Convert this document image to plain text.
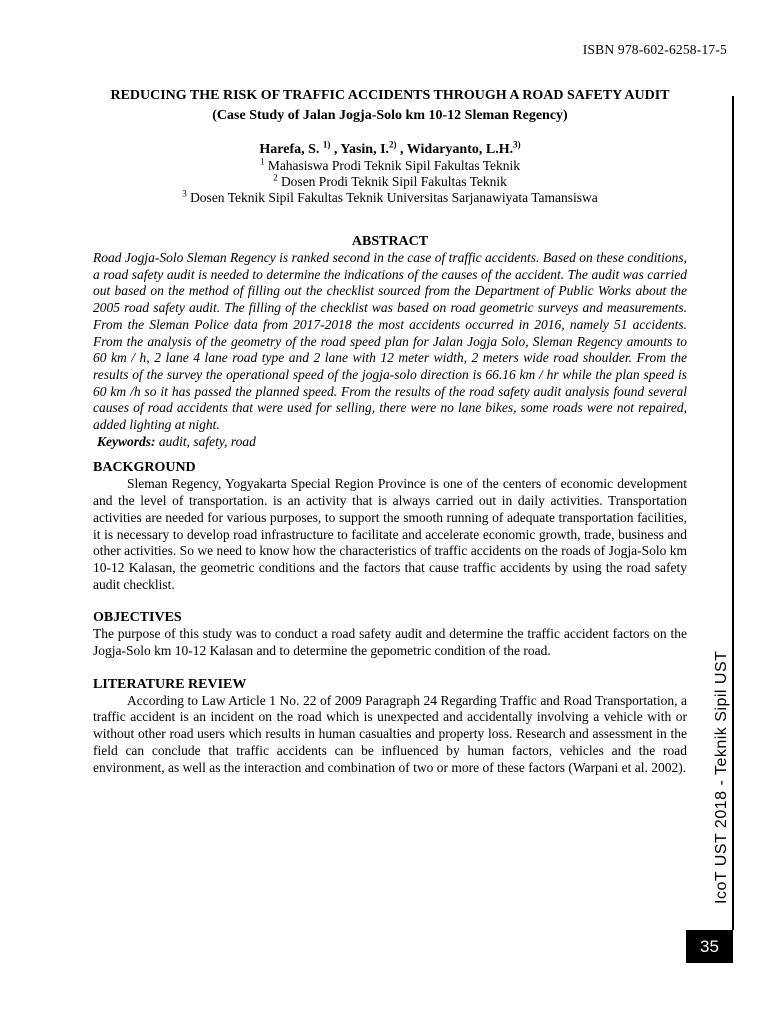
ISBN 978-602-6258-17-5
IcoT UST 2018 - Teknik Sipil UST
35
REDUCING THE RISK OF TRAFFIC ACCIDENTS THROUGH A ROAD SAFETY AUDIT
(Case Study of Jalan Jogja-Solo km 10-12 Sleman Regency)
Harefa, S. $^{1)}$ , Yasin, I.$^{2)}$ , Widaryanto, L.H.$^{3)}$
$^1$ Mahasiswa Prodi Teknik Sipil Fakultas Teknik
$^2$ Dosen Prodi Teknik Sipil Fakultas Teknik
$^3$ Dosen Teknik Sipil Fakultas Teknik Universitas Sarjanawiyata Tamansiswa
ABSTRACT

Road Jogja-Solo Sleman Regency is ranked second in the case of traffic accidents. Based on these conditions, a road safety audit is needed to determine the indications of the causes of the accident. The audit was carried out based on the method of filling out the checklist sourced from the Department of Public Works about the 2005 road safety audit. The filling of the checklist was based on road geometric surveys and measurements. From the Sleman Police data from 2017-2018 the most accidents occurred in 2016, namely 51 accidents. From the analysis of the geometry of the road speed plan for Jalan Jogja Solo, Sleman Regency amounts to 60 km / h, 2 lane 4 lane road type and 2 lane with 12 meter width, 2 meters wide road shoulder. From the results of the survey the operational speed of the jogja-solo direction is 66.16 km / hr while the plan speed is 60 km /h so it has passed the planned speed. From the results of the road safety audit analysis found several causes of road accidents that were used for selling, there were no lane bikes, some roads were not repaired, added lighting at night.

Keywords: audit, safety, road

BACKGROUND

Sleman Regency, Yogyakarta Special Region Province is one of the centers of economic development and the level of transportation. is an activity that is always carried out in daily activities. Transportation activities are needed for various purposes, to support the smooth running of adequate transportation facilities, it is necessary to develop road infrastructure to facilitate and accelerate economic growth, trade, business and other activities. So we need to know how the characteristics of traffic accidents on the roads of Jogja-Solo km 10-12 Kalasan, the geometric conditions and the factors that cause traffic accidents by using the road safety audit checklist.

OBJECTIVES

The purpose of this study was to conduct a road safety audit and determine the traffic accident factors on the Jogja-Solo km 10-12 Kalasan and to determine the gepometric condition of the road.

LITERATURE REVIEW

According to Law Article 1 No. 22 of 2009 Paragraph 24 Regarding Traffic and Road Transportation, a traffic accident is an incident on the road which is unexpected and accidentally involving a vehicle with or without other road users which results in human casualties and property loss. Research and assessment in the field can conclude that traffic accidents can be influenced by human factors, vehicles and the road environment, as well as the interaction and combination of two or more of these factors (Warpani et al. 2002).
